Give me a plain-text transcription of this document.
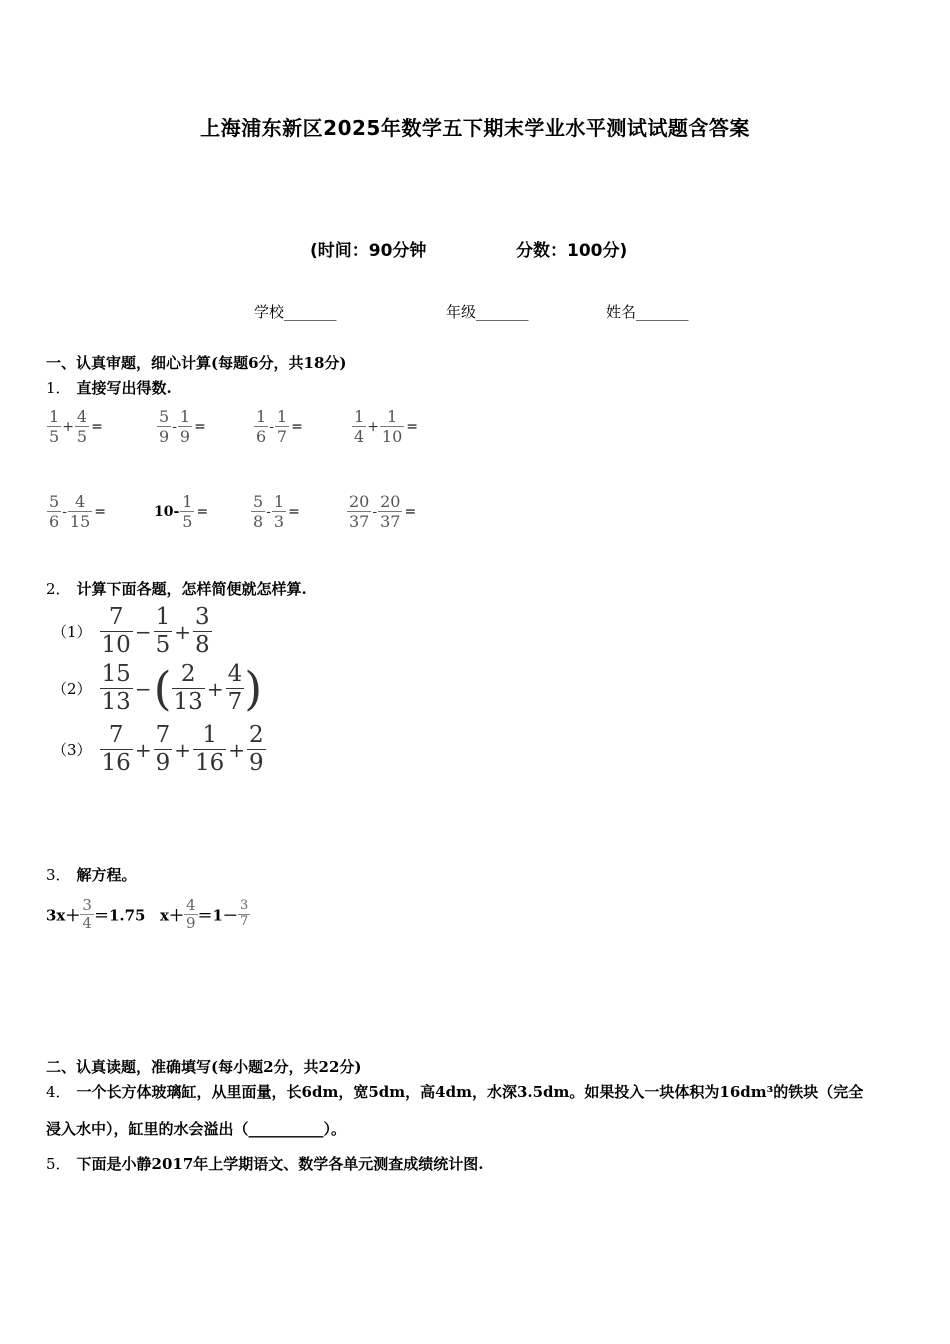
上海浦东新区2025年数学五下期末学业水平测试试题含答案
(时间：90分钟	分数：100分)
学校_______	年级_______	姓名_______
一、认真审题，细心计算(每题6分，共18分)
1． 直接写出得数.
$\frac{1}{5} + \frac{4}{5}$ =	$\frac{5}{9} - \frac{1}{9}$ =	$\frac{1}{6} - \frac{1}{7}$ =	$\frac{1}{4} + \frac{1}{10}$ =
$\frac{5}{6} - \frac{4}{15}$ =	$10- \frac{1}{5}$ =	$\frac{5}{8} - \frac{1}{3}$ =	$\frac{20}{37} - \frac{20}{37}$ =
2． 计算下面各题，怎样简便就怎样算.
$(1) \frac{7}{10} - \frac{1}{5} + \frac{3}{8}$
$(2) \frac{15}{13}$ −( $\frac{2}{13} + \frac{4}{7}$ )
$(3) \frac{7}{16} + \frac{7}{9} + \frac{1}{16} + \frac{2}{9}$
3． 解方程。
$3x+ \frac{3}{4} =1.75$ $x+ \frac{4}{9} =1- \frac{3}{7}$
二、认真读题，准确填写(每小题2分，共22分)
4． 一个长方体玻璃缸，从里面量，长6dm，宽5dm，高4dm，水深3.5dm。如果投入一块体积为16dm³的铁块（完全
浸入水中），缸里的水会溢出（__________）。
5． 下面是小静2017年上学期语文、数学各单元测查成绩统计图.
